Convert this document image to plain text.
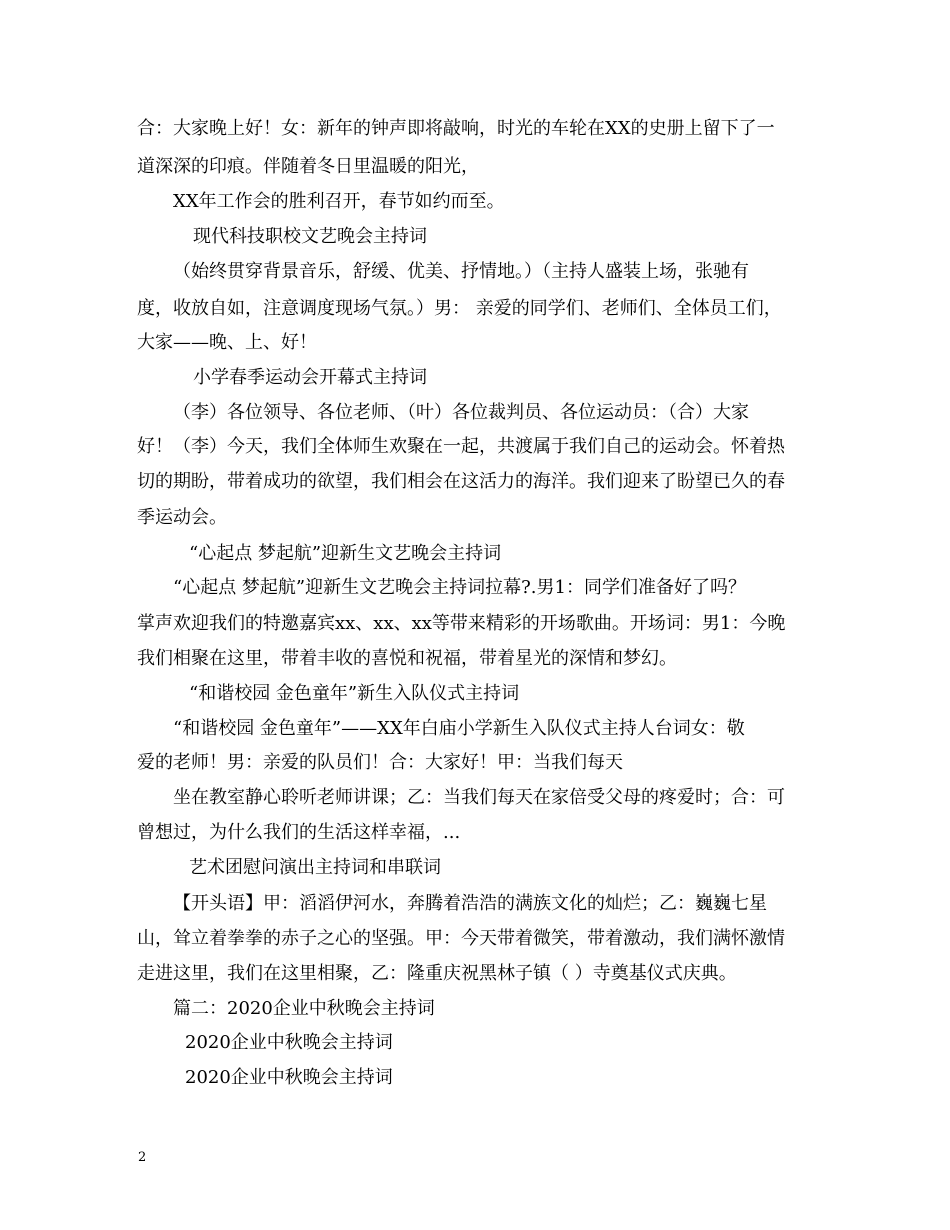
合：大家晚上好！女：新年的钟声即将敲响，时光的车轮在XX的史册上留下了一
道深深的印痕。伴随着冬日里温暖的阳光，
XX年工作会的胜利召开，春节如约而至。
现代科技职校文艺晚会主持词
（始终贯穿背景音乐，舒缓、优美、抒情地。）（主持人盛装上场，张驰有
度，收放自如，注意调度现场气氛。）男： 亲爱的同学们、老师们、全体员工们，
大家——晚、上、好！
小学春季运动会开幕式主持词
（李）各位领导、各位老师、（叶）各位裁判员、各位运动员：（合）大家
好！（李）今天，我们全体师生欢聚在一起，共渡属于我们自己的运动会。怀着热
切的期盼，带着成功的欲望，我们相会在这活力的海洋。我们迎来了盼望已久的春
季运动会。
“心起点 梦起航”迎新生文艺晚会主持词
“心起点 梦起航”迎新生文艺晚会主持词拉幕?.男1：同学们准备好了吗？
掌声欢迎我们的特邀嘉宾xx、xx、xx等带来精彩的开场歌曲。开场词：男1：今晚
我们相聚在这里，带着丰收的喜悦和祝福，带着星光的深情和梦幻。
“和谐校园 金色童年”新生入队仪式主持词
“和谐校园 金色童年”——XX年白庙小学新生入队仪式主持人台词女：敬
爱的老师！男：亲爱的队员们！合：大家好！甲：当我们每天
坐在教室静心聆听老师讲课；乙：当我们每天在家倍受父母的疼爱时；合：可
曾想过，为什么我们的生活这样幸福，...
艺术团慰问演出主持词和串联词
【开头语】甲：滔滔伊河水，奔腾着浩浩的满族文化的灿烂；乙：巍巍七星
山，耸立着拳拳的赤子之心的坚强。甲：今天带着微笑，带着激动，我们满怀激情
走进这里，我们在这里相聚，乙：隆重庆祝黑林子镇（ ）寺奠基仪式庆典。
篇二：2020企业中秋晚会主持词
2020企业中秋晚会主持词
2020企业中秋晚会主持词
2
